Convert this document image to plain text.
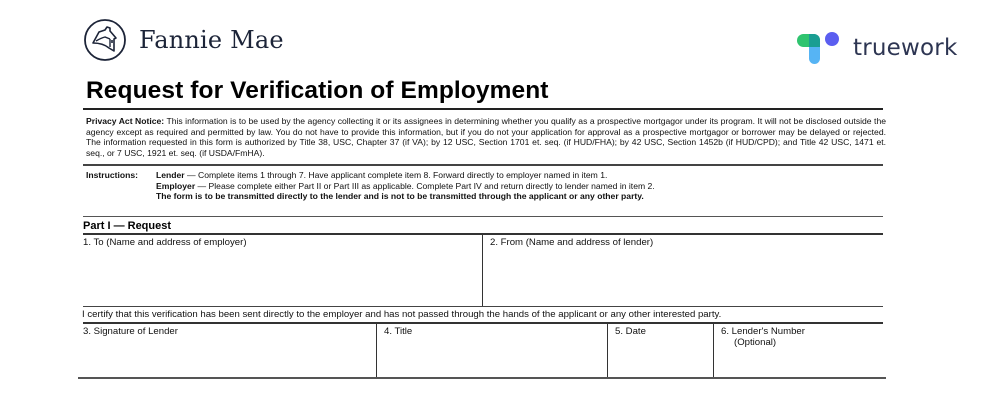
Fannie Mae	truework
Request for Verification of Employment
Privacy Act Notice: This information is to be used by the agency collecting it or its assignees in determining whether you qualify as a prospective mortgagor under its program. It will not be disclosed outside the agency except as required and permitted by law. You do not have to provide this information, but if you do not your application for approval as a prospective mortgagor or borrower may be delayed or rejected. The information requested in this form is authorized by Title 38, USC, Chapter 37 (if VA); by 12 USC, Section 1701 et. seq. (if HUD/FHA); by 42 USC, Section 1452b (if HUD/CPD); and Title 42 USC, 1471 et. seq., or 7 USC, 1921 et. seq. (if USDA/FmHA).
Instructions: Lender — Complete items 1 through 7. Have applicant complete item 8. Forward directly to employer named in item 1.
Employer — Please complete either Part II or Part III as applicable. Complete Part IV and return directly to lender named in item 2.
The form is to be transmitted directly to the lender and is not to be transmitted through the applicant or any other party.
Part I — Request
1. To (Name and address of employer)	2. From (Name and address of lender)
I certify that this verification has been sent directly to the employer and has not passed through the hands of the applicant or any other interested party.
3. Signature of Lender	4. Title	5. Date	6. Lender's Number
(Optional)
